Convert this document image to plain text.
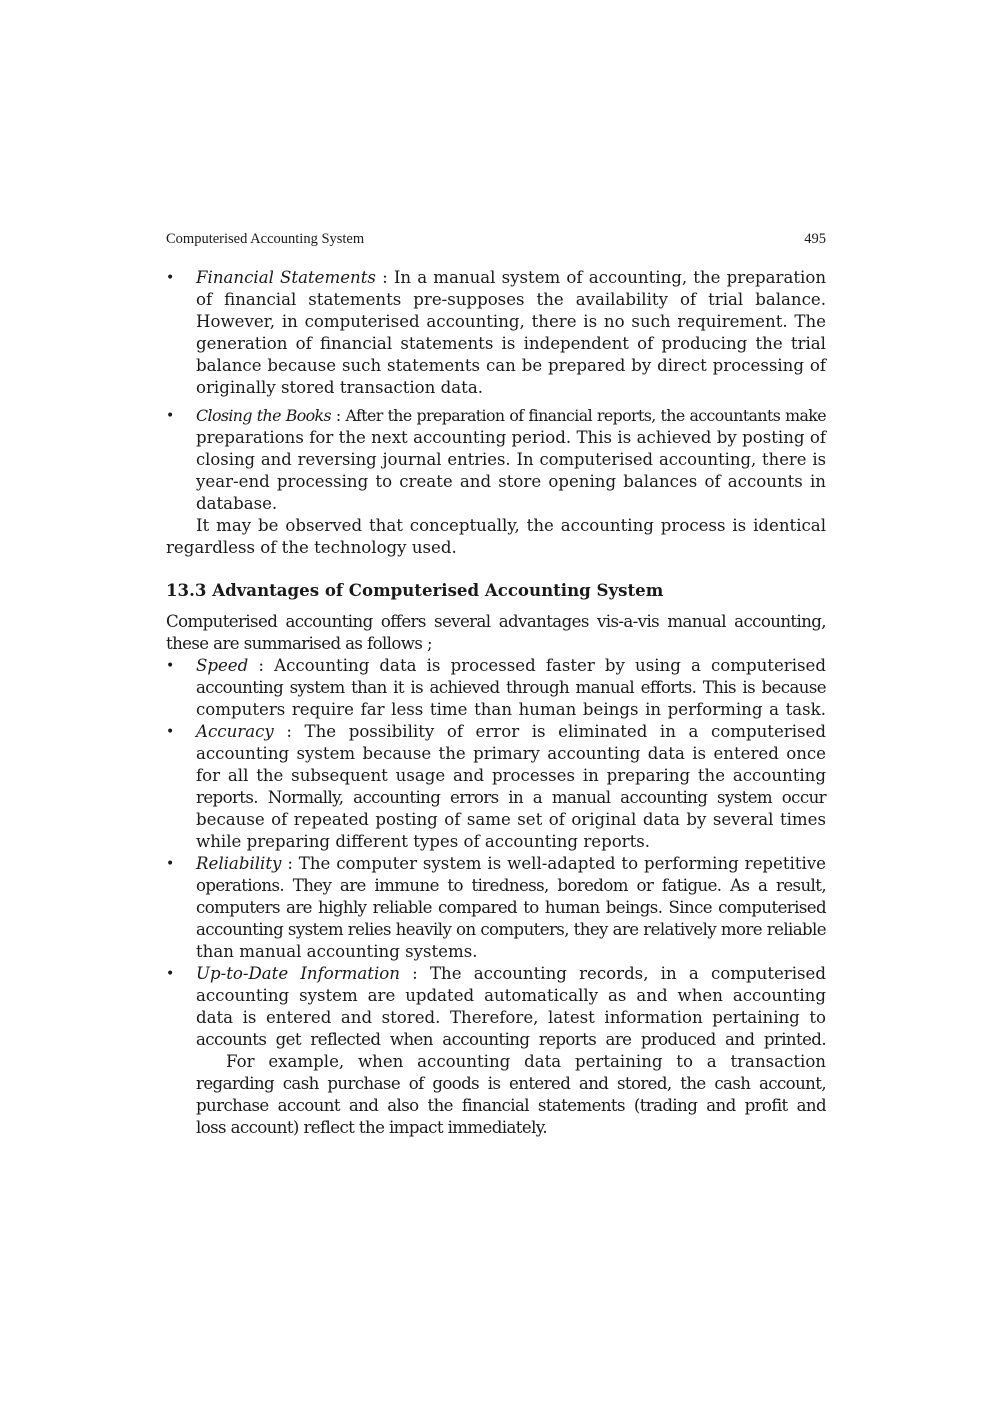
Computerised Accounting System	495
• Financial Statements : In a manual system of accounting, the preparation
of financial statements pre-supposes the availability of trial balance.
However, in computerised accounting, there is no such requirement. The
generation of financial statements is independent of producing the trial
balance because such statements can be prepared by direct processing of
originally stored transaction data.
• Closing the Books : After the preparation of financial reports, the accountants make
preparations for the next accounting period. This is achieved by posting of
closing and reversing journal entries. In computerised accounting, there is
year-end processing to create and store opening balances of accounts in
database.
It may be observed that conceptually, the accounting process is identical
regardless of the technology used.
13.3 Advantages of Computerised Accounting System
Computerised accounting offers several advantages vis-a-vis manual accounting,
these are summarised as follows ;
• Speed : Accounting data is processed faster by using a computerised
accounting system than it is achieved through manual efforts. This is because
computers require far less time than human beings in performing a task.
• Accuracy : The possibility of error is eliminated in a computerised
accounting system because the primary accounting data is entered once
for all the subsequent usage and processes in preparing the accounting
reports. Normally, accounting errors in a manual accounting system occur
because of repeated posting of same set of original data by several times
while preparing different types of accounting reports.
• Reliability : The computer system is well-adapted to performing repetitive
operations. They are immune to tiredness, boredom or fatigue. As a result,
computers are highly reliable compared to human beings. Since computerised
accounting system relies heavily on computers, they are relatively more reliable
than manual accounting systems.
• Up-to-Date Information : The accounting records, in a computerised
accounting system are updated automatically as and when accounting
data is entered and stored. Therefore, latest information pertaining to
accounts get reflected when accounting reports are produced and printed.
For example, when accounting data pertaining to a transaction
regarding cash purchase of goods is entered and stored, the cash account,
purchase account and also the financial statements (trading and profit and
loss account) reflect the impact immediately.
